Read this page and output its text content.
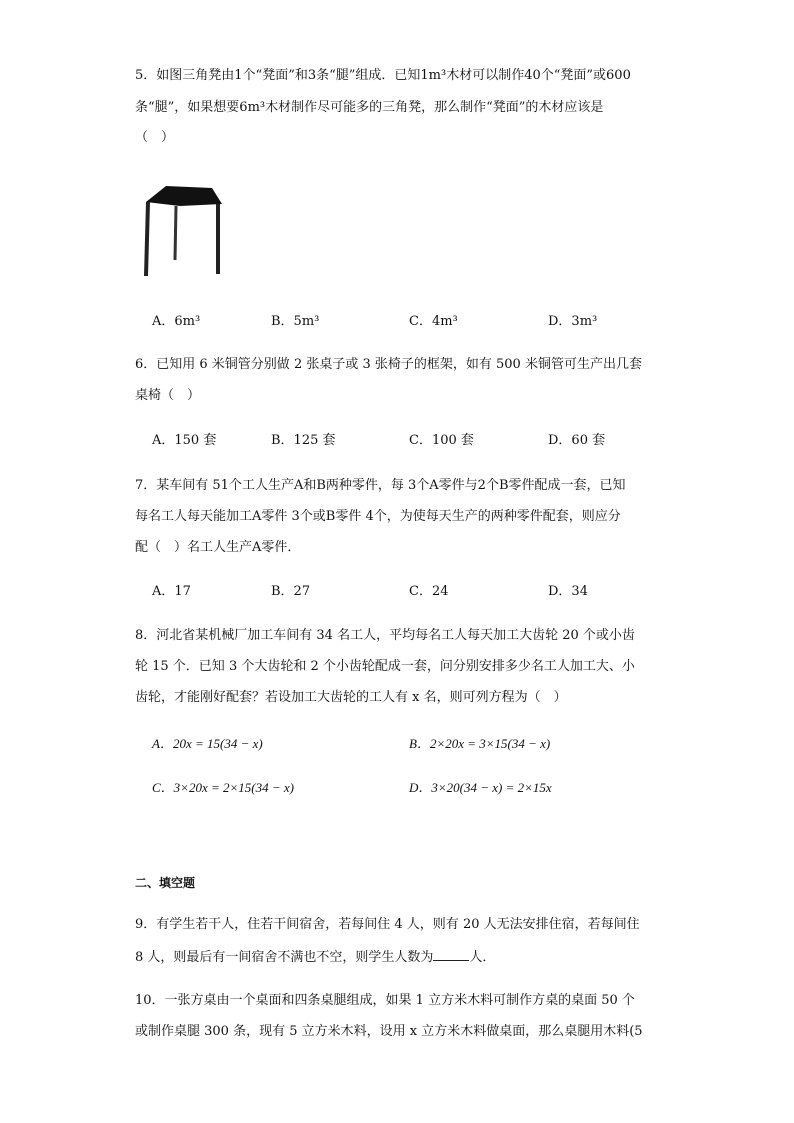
5．如图三角凳由1个“凳面”和3条“腿”组成．已知1m³木材可以制作40个“凳面”或600
条“腿”，如果想要6m³木材制作尽可能多的三角凳，那么制作“凳面”的木材应该是
（　）
A．6m³	B．5m³	C．4m³	D．3m³
6．已知用 6 米铜管分别做 2 张桌子或 3 张椅子的框架，如有 500 米铜管可生产出几套
桌椅（　）
A．150 套	B．125 套	C．100 套	D．60 套
7．某车间有 51个工人生产A和B两种零件，每 3个A零件与2个B零件配成一套，已知
每名工人每天能加工A零件 3个或B零件 4个，为使每天生产的两种零件配套，则应分
配（　）名工人生产A零件．
A．17	B．27	C．24	D．34
8．河北省某机械厂加工车间有 34 名工人，平均每名工人每天加工大齿轮 20 个或小齿
轮 15 个．已知 3 个大齿轮和 2 个小齿轮配成一套，问分别安排多少名工人加工大、小
齿轮，才能刚好配套？若设加工大齿轮的工人有 x 名，则可列方程为（　）
A．20x = 15(34 − x)	B．2×20x = 3×15(34 − x)
C．3×20x = 2×15(34 − x)	D．3×20(34 − x) = 2×15x
二、填空题
9．有学生若干人，住若干间宿舍，若每间住 4 人，则有 20 人无法安排住宿，若每间住
8 人，则最后有一间宿舍不满也不空，则学生人数为	人．
10．一张方桌由一个桌面和四条桌腿组成，如果 1 立方米木料可制作方桌的桌面 50 个
或制作桌腿 300 条，现有 5 立方米木料，设用 x 立方米木料做桌面，那么桌腿用木料(5
